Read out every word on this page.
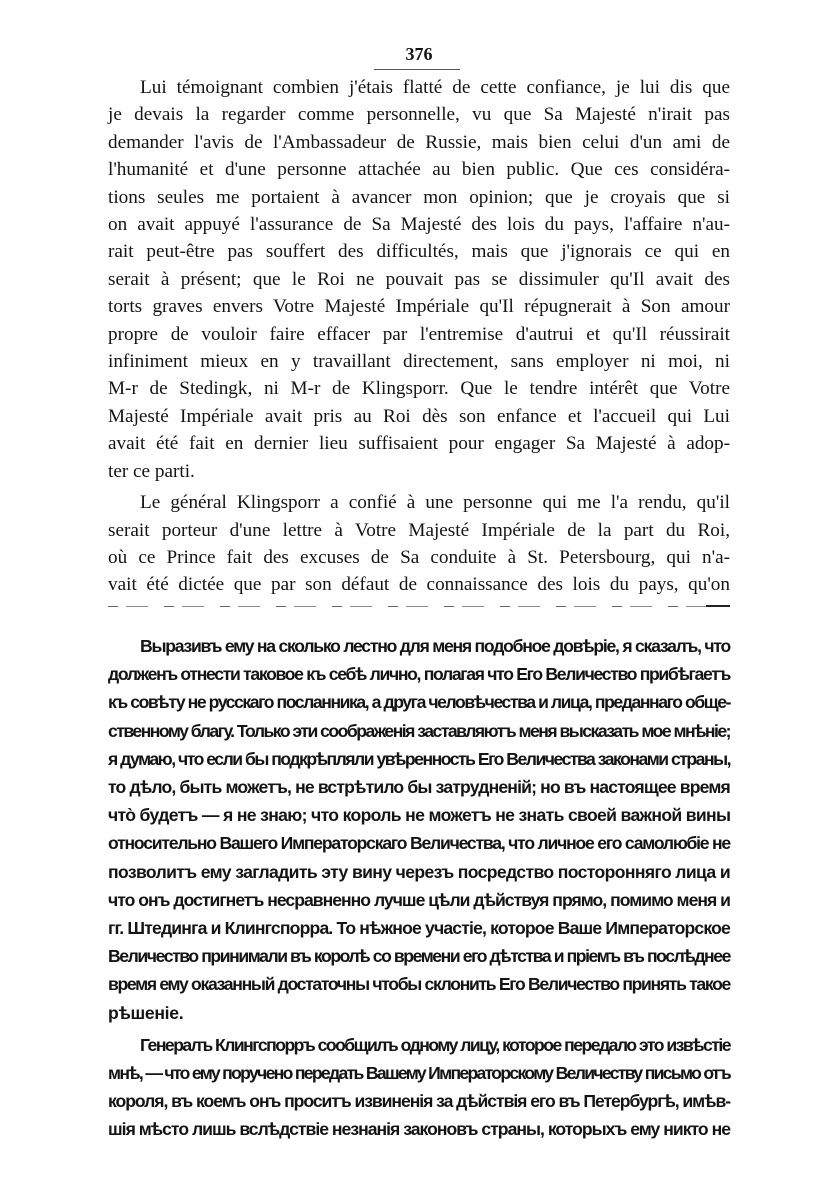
376
Lui témoignant combien j'étais flatté de cette confiance, je lui dis que
je devais la regarder comme personnelle, vu que Sa Majesté n'irait pas
demander l'avis de l'Ambassadeur de Russie, mais bien celui d'un ami de
l'humanité et d'une personne attachée au bien public. Que ces considéra-
tions seules me portaient à avancer mon opinion; que je croyais que si
on avait appuyé l'assurance de Sa Majesté des lois du pays, l'affaire n'au-
rait peut-être pas souffert des difficultés, mais que j'ignorais ce qui en
serait à présent; que le Roi ne pouvait pas se dissimuler qu'Il avait des
torts graves envers Votre Majesté Impériale qu'Il répugnerait à Son amour
propre de vouloir faire effacer par l'entremise d'autrui et qu'Il réussirait
infiniment mieux en y travaillant directement, sans employer ni moi, ni
M-r de Stedingk, ni M-r de Klingsporr. Que le tendre intérêt que Votre
Majesté Impériale avait pris au Roi dès son enfance et l'accueil qui Lui
avait été fait en dernier lieu suffisaient pour engager Sa Majesté à adop-
ter ce parti.
Le général Klingsporr a confié à une personne qui me l'a rendu, qu'il
serait porteur d'une lettre à Votre Majesté Impériale de la part du Roi,
où ce Prince fait des excuses de Sa conduite à St. Petersbourg, qui n'a-
vait été dictée que par son défaut de connaissance des lois du pays, qu'on
Выразивъ ему на сколько лестно для меня подобное довѣріе, я сказалъ, что
долженъ отнести таковое къ себѣ лично, полагая что Его Величество прибѣгаетъ
къ совѣту не русскаго посланника, а друга человѣчества и лица, преданнаго обще-
ственному благу. Только эти соображенія заставляютъ меня высказать мое мнѣніе;
я думаю, что если бы подкрѣпляли увѣренность Его Величества законами страны,
то дѣло, быть можетъ, не встрѣтило бы затрудненій; но въ настоящее время
что̀ будетъ — я не знаю; что король не можетъ не знать своей важной вины
относительно Вашего Императорскаго Величества, что личное его самолюбіе не
позволитъ ему загладить эту вину черезъ посредство посторонняго лица и
что онъ достигнетъ несравненно лучше цѣли дѣйствуя прямо, помимо меня и
гг. Штединга и Клингспорра. То нѣжное участіе, которое Ваше Императорское
Величество принимали въ королѣ со времени его дѣтства и пріемъ въ послѣднее
время ему оказанный достаточны чтобы склонить Его Величество принять такое
рѣшеніе.
Генералъ Клингспорръ сообщилъ одному лицу, которое передало это извѣстіе
мнѣ, — что ему поручено передать Вашему Императорскому Величеству письмо отъ
короля, въ коемъ онъ проситъ извиненія за дѣйствія его въ Петербургѣ, имѣв-
шія мѣсто лишь вслѣдствіе незнанія законовъ страны, которыхъ ему никто не
